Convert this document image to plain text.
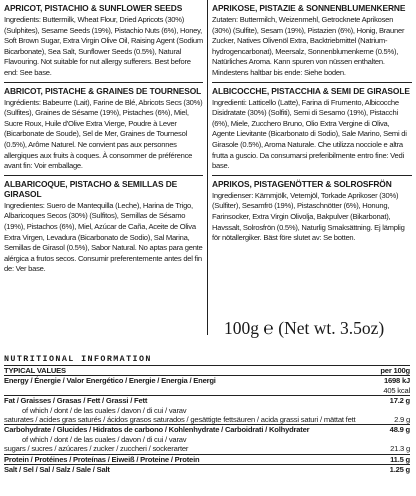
APRICOT, PISTACHIO & SUNFLOWER SEEDS

Ingredients: Buttermilk, Wheat Flour, Dried Apricots (30%) (Sulphites), Sesame Seeds (19%), Pistachio Nuts (6%), Honey, Soft Brown Sugar, Extra Virgin Olive Oil, Raising Agent (Sodium Bicarbonate), Sea Salt, Sunflower Seeds (0.5%), Natural Flavouring. Not suitable for nut allergy sufferers. Best before end: See base.

ABRICOT, PISTACHE & GRAINES DE TOURNESOL

Ingrédients: Babeurre (Lait), Farine de Blé, Abricots Secs (30%) (Sulfites), Graines de Sésame (19%), Pistaches (6%), Miel, Sucre Roux, Huile d'Olive Extra Vierge, Poudre à Lever (Bicarbonate de Soude), Sel de Mer, Graines de Tournesol (0.5%), Arôme Naturel. Ne convient pas aux personnes allergiques aux fruits à coques. À consommer de préférence avant fin: Voir emballage.

ALBARICOQUE, PISTACHO & SEMILLAS DE GIRASOL

Ingredientes: Suero de Mantequilla (Leche), Harina de Trigo, Albaricoques Secos (30%) (Sulfitos), Semillas de Sésamo (19%), Pistachos (6%), Miel, Azúcar de Caña, Aceite de Oliva Extra Virgen, Levadura (Bicarbonato de Sodio), Sal Marina, Semillas de Girasol (0.5%), Sabor Natural. No aptas para gente alérgica a frutos secos. Consumir preferentemente antes del fin de: Ver base.

APRIKOSE, PISTAZIE & SONNENBLUMENKERNE

Zutaten: Buttermilch, Weizenmehl, Getrocknete Aprikosen (30%) (Sulfite), Sesam (19%), Pistazien (6%), Honig, Brauner Zucker, Natives Olivenöl Extra, Backtriebmittel (Natrium-hydrogencarbonat), Meersalz, Sonnenblumenkerne (0.5%), Natürliches Aroma. Kann spuren von nüssen enthalten. Mindestens haltbar bis ende: Siehe boden.

ALBICOCCHE, PISTACCHIA & SEMI DE GIRASOLE

Ingredienti: Latticello (Latte), Farina di Frumento, Albicocche Disidratate (30%) (Solfiti), Semi di Sesamo (19%), Pistacchi (6%), Miele, Zucchero Bruno, Olio Extra Vergine di Oliva, Agente Lievitante (Bicarbonato di Sodio), Sale Marino, Semi di Girasole (0.5%), Aroma Naturale. Che utilizza nocciole e altra frutta a guscio. Da consumarsi preferibilmente entro fine: Vedi base.

APRIKOS, PISTAGENÖTTER & SOLROSFRÖN

Ingredienser: Kärnmjölk, Vetemjöl, Torkade Aprikoser (30%) (Sulfiter), Sesamfrö (19%), Pistaschnötter (6%), Honung, Farinsocker, Extra Virgin Olivolja, Bakpulver (Bikarbonat), Havssalt, Solrosfrön (0.5%), Naturlig Smaksättning. Ej lämplig för nötallergiker. Bäst före slutet av: Se botten.

100g ℮ (Net wt. 3.5oz)
NUTRITIONAL INFORMATION
TYPICAL VALUES	per 100g
Energy / Énergie / Valor Energético / Energie / Energia / Energi	1698 kJ
	405 kcal
Fat / Graisses / Grasas / Fett / Grassi / Fett	17.2 g
of which / dont / de las cuales / davon / di cui / varav	
saturates / acides gras saturés / ácidos grasos saturados / gesättigte fettsäuren / acida grassi saturi / mättat fett	2.9 g
Carbohydrate / Glucides / Hidratos de carbono / Kohlenhydrate / Carboidrati / Kolhydrater	48.9 g
of which / dont / de las cuales / davon / di cui / varav	
sugars / sucres / azúcares / zucker / zuccheri / sockerarter	21.3 g
Protein / Protéines / Proteínas / Eiweiß / Proteine / Protein	11.5 g
Salt / Sel / Sal / Salz / Sale / Salt	1.25 g
